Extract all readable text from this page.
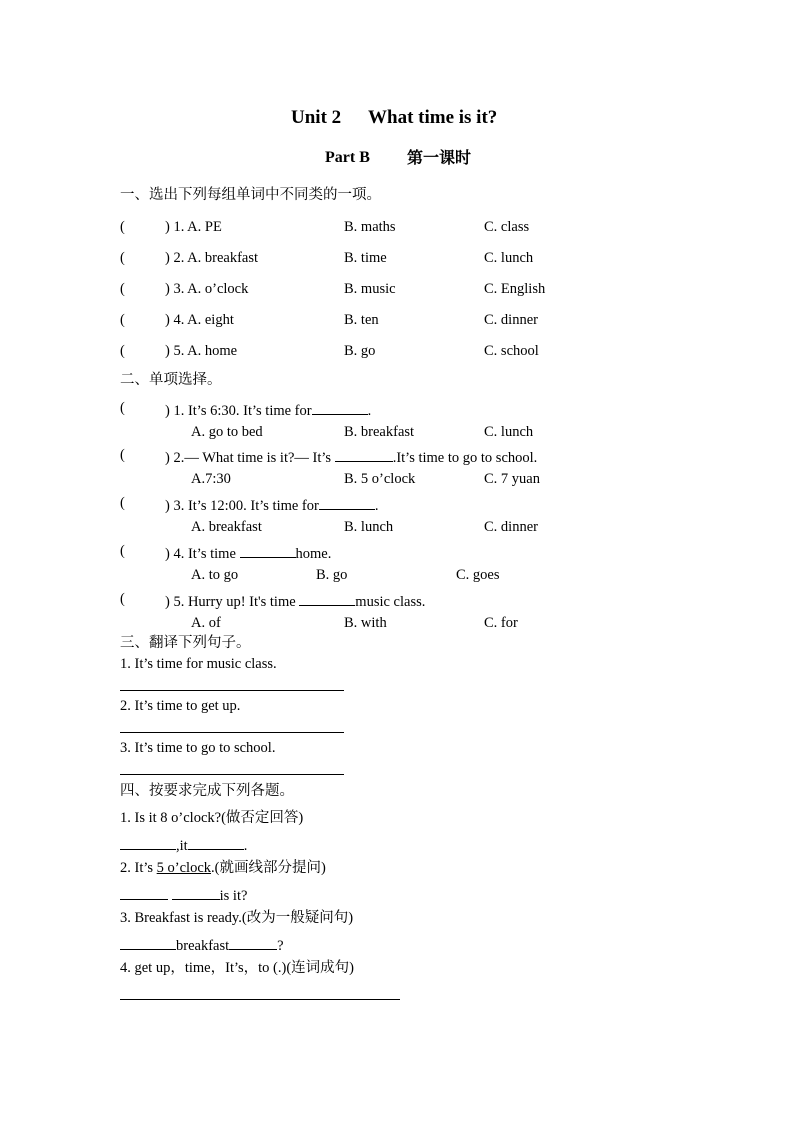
Unit 2 What time is it?
Part B 第一课时
一、选出下列每组单词中不同类的一项。
(	) 1. A. PE	B. maths	C. class
(	) 2. A. breakfast	B. time	C. lunch
(	) 3. A. o’clock	B. music	C. English
(	) 4. A. eight	B. ten	C. dinner
(	) 5. A. home	B. go	C. school
二、单项选择。
(	) 1. It’s 6:30. It’s time for	.
A. go to bed	B. breakfast	C. lunch
(	) 2.— What time is it?— It’s	.It’s time to go to school.
A.7:30	B. 5 o’clock	C. 7 yuan
(	) 3. It’s 12:00. It’s time for	.
A. breakfast	B. lunch	C. dinner
(	) 4. It’s time	home.
A. to go	B. go	C. goes
(	) 5. Hurry up! It's time	music class.
A. of	B. with	C. for
三、翻译下列句子。
1. It’s time for music class.
2. It’s time to get up.
3. It’s time to go to school.
四、按要求完成下列各题。
1. Is it 8 o’clock?(做否定回答)
,it	.
2. It’s 5 o’clock.(就画线部分提问)
is it?
3. Breakfast is ready.(改为一般疑问句)
breakfast	?
4. get up，time，It’s，to (.)(连词成句)
